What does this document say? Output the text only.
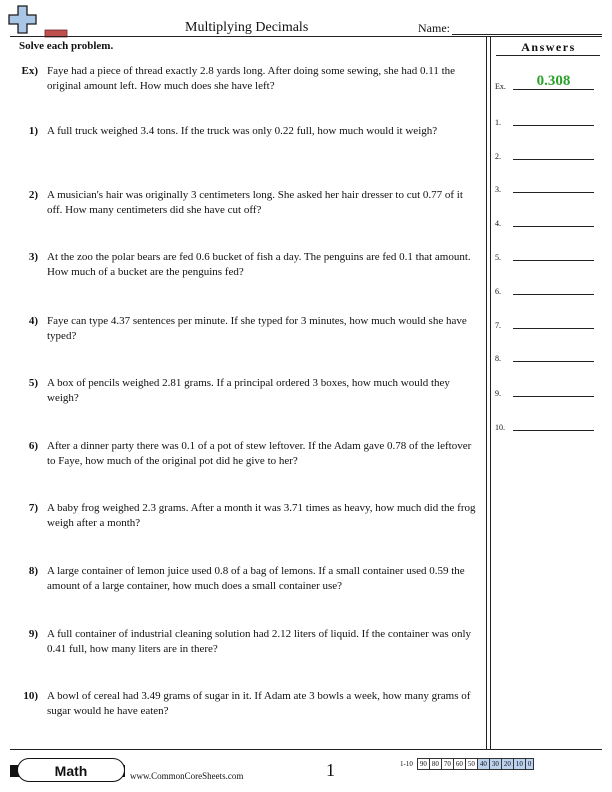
Multiplying Decimals	Name:
Solve each problem.
Ex) Faye had a piece of thread exactly 2.8 yards long. After doing some sewing, she had 0.11 the original amount left. How much does she have left?
1) A full truck weighed 3.4 tons. If the truck was only 0.22 full, how much would it weigh?
2) A musician's hair was originally 3 centimeters long. She asked her hair dresser to cut 0.77 of it off. How many centimeters did she have cut off?
3) At the zoo the polar bears are fed 0.6 bucket of fish a day. The penguins are fed 0.1 that amount. How much of a bucket are the penguins fed?
4) Faye can type 4.37 sentences per minute. If she typed for 3 minutes, how much would she have typed?
5) A box of pencils weighed 2.81 grams. If a principal ordered 3 boxes, how much would they weigh?
6) After a dinner party there was 0.1 of a pot of stew leftover. If the Adam gave 0.78 of the leftover to Faye, how much of the original pot did he give to her?
7) A baby frog weighed 2.3 grams. After a month it was 3.71 times as heavy, how much did the frog weigh after a month?
8) A large container of lemon juice used 0.8 of a bag of lemons. If a small container used 0.59 the amount of a large container, how much does a small container use?
9) A full container of industrial cleaning solution had 2.12 liters of liquid. If the container was only 0.41 full, how many liters are in there?
10) A bowl of cereal had 3.49 grams of sugar in it. If Adam ate 3 bowls a week, how many grams of sugar would he have eaten?
Answers
Ex.	0.308
1.
2.
3.
4.
5.
6.
7.
8.
9.
10.
Math	www.CommonCoreSheets.com	1	1-10	90	80	70	60	50	40	30	20	10	0
